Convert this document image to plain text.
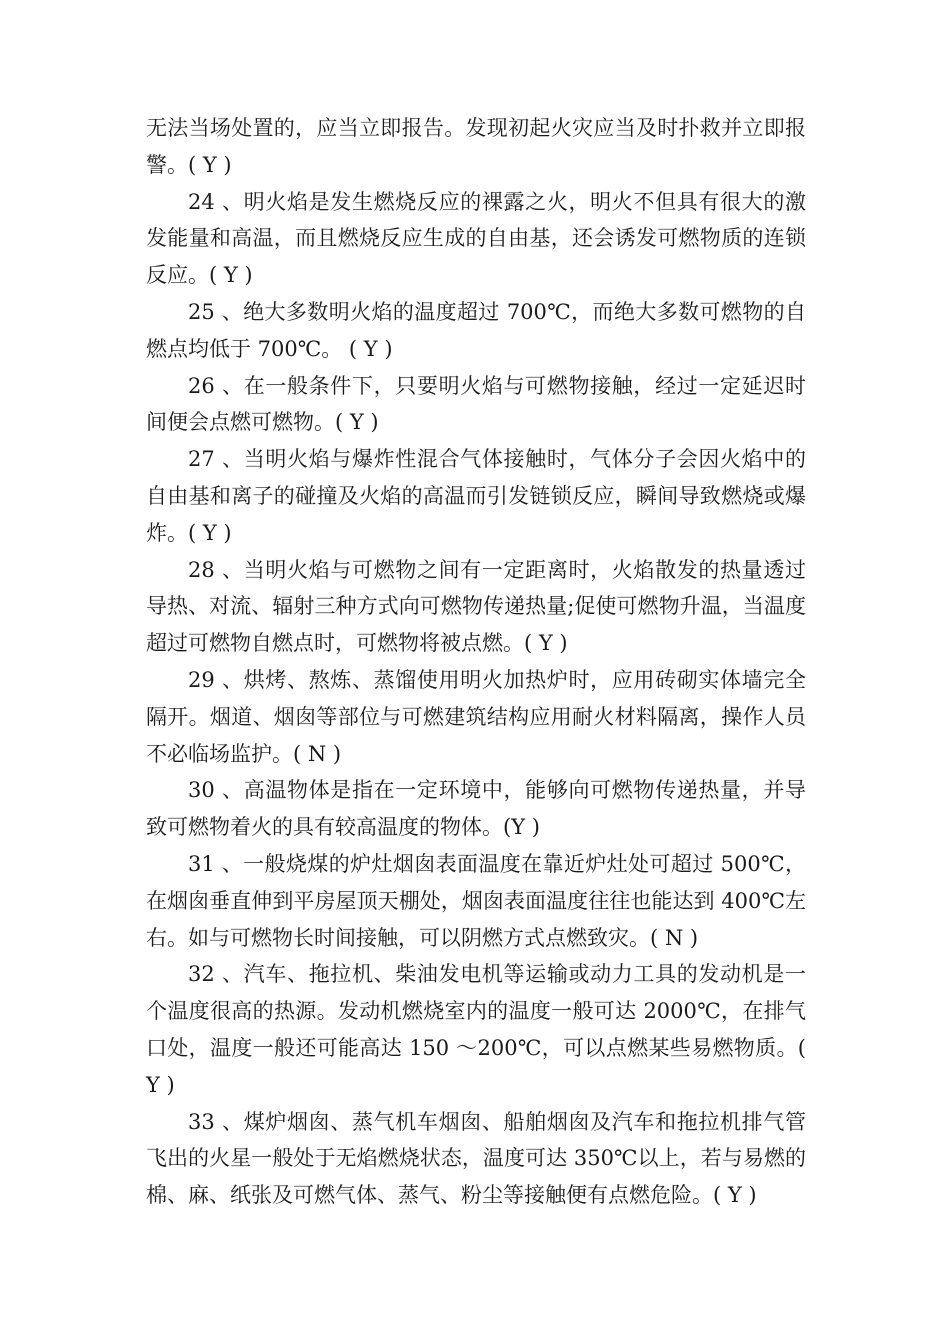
无法当场处置的，应当立即报告。发现初起火灾应当及时扑救并立即报警。( Y )

24 、明火焰是发生燃烧反应的裸露之火，明火不但具有很大的激发能量和高温，而且燃烧反应生成的自由基，还会诱发可燃物质的连锁反应。( Y )

25 、绝大多数明火焰的温度超过 700℃，而绝大多数可燃物的自燃点均低于 700℃。 ( Y )

26 、在一般条件下，只要明火焰与可燃物接触，经过一定延迟时间便会点燃可燃物。( Y )

27 、当明火焰与爆炸性混合气体接触时，气体分子会因火焰中的自由基和离子的碰撞及火焰的高温而引发链锁反应，瞬间导致燃烧或爆炸。( Y )

28 、当明火焰与可燃物之间有一定距离时，火焰散发的热量透过导热、对流、辐射三种方式向可燃物传递热量;促使可燃物升温，当温度超过可燃物自燃点时，可燃物将被点燃。( Y )

29 、烘烤、熬炼、蒸馏使用明火加热炉时，应用砖砌实体墙完全隔开。烟道、烟囱等部位与可燃建筑结构应用耐火材料隔离，操作人员不必临场监护。( N )

30 、高温物体是指在一定环境中，能够向可燃物传递热量，并导致可燃物着火的具有较高温度的物体。(Y )

31 、一般烧煤的炉灶烟囱表面温度在靠近炉灶处可超过 500℃，在烟囱垂直伸到平房屋顶天棚处，烟囱表面温度往往也能达到 400℃左右。如与可燃物长时间接触，可以阴燃方式点燃致灾。( N )

32 、汽车、拖拉机、柴油发电机等运输或动力工具的发动机是一个温度很高的热源。发动机燃烧室内的温度一般可达 2000℃，在排气口处，温度一般还可能高达 150 ～200℃，可以点燃某些易燃物质。( Y )

33 、煤炉烟囱、蒸气机车烟囱、船舶烟囱及汽车和拖拉机排气管飞出的火星一般处于无焰燃烧状态，温度可达 350℃以上，若与易燃的棉、麻、纸张及可燃气体、蒸气、粉尘等接触便有点燃危险。( Y )
